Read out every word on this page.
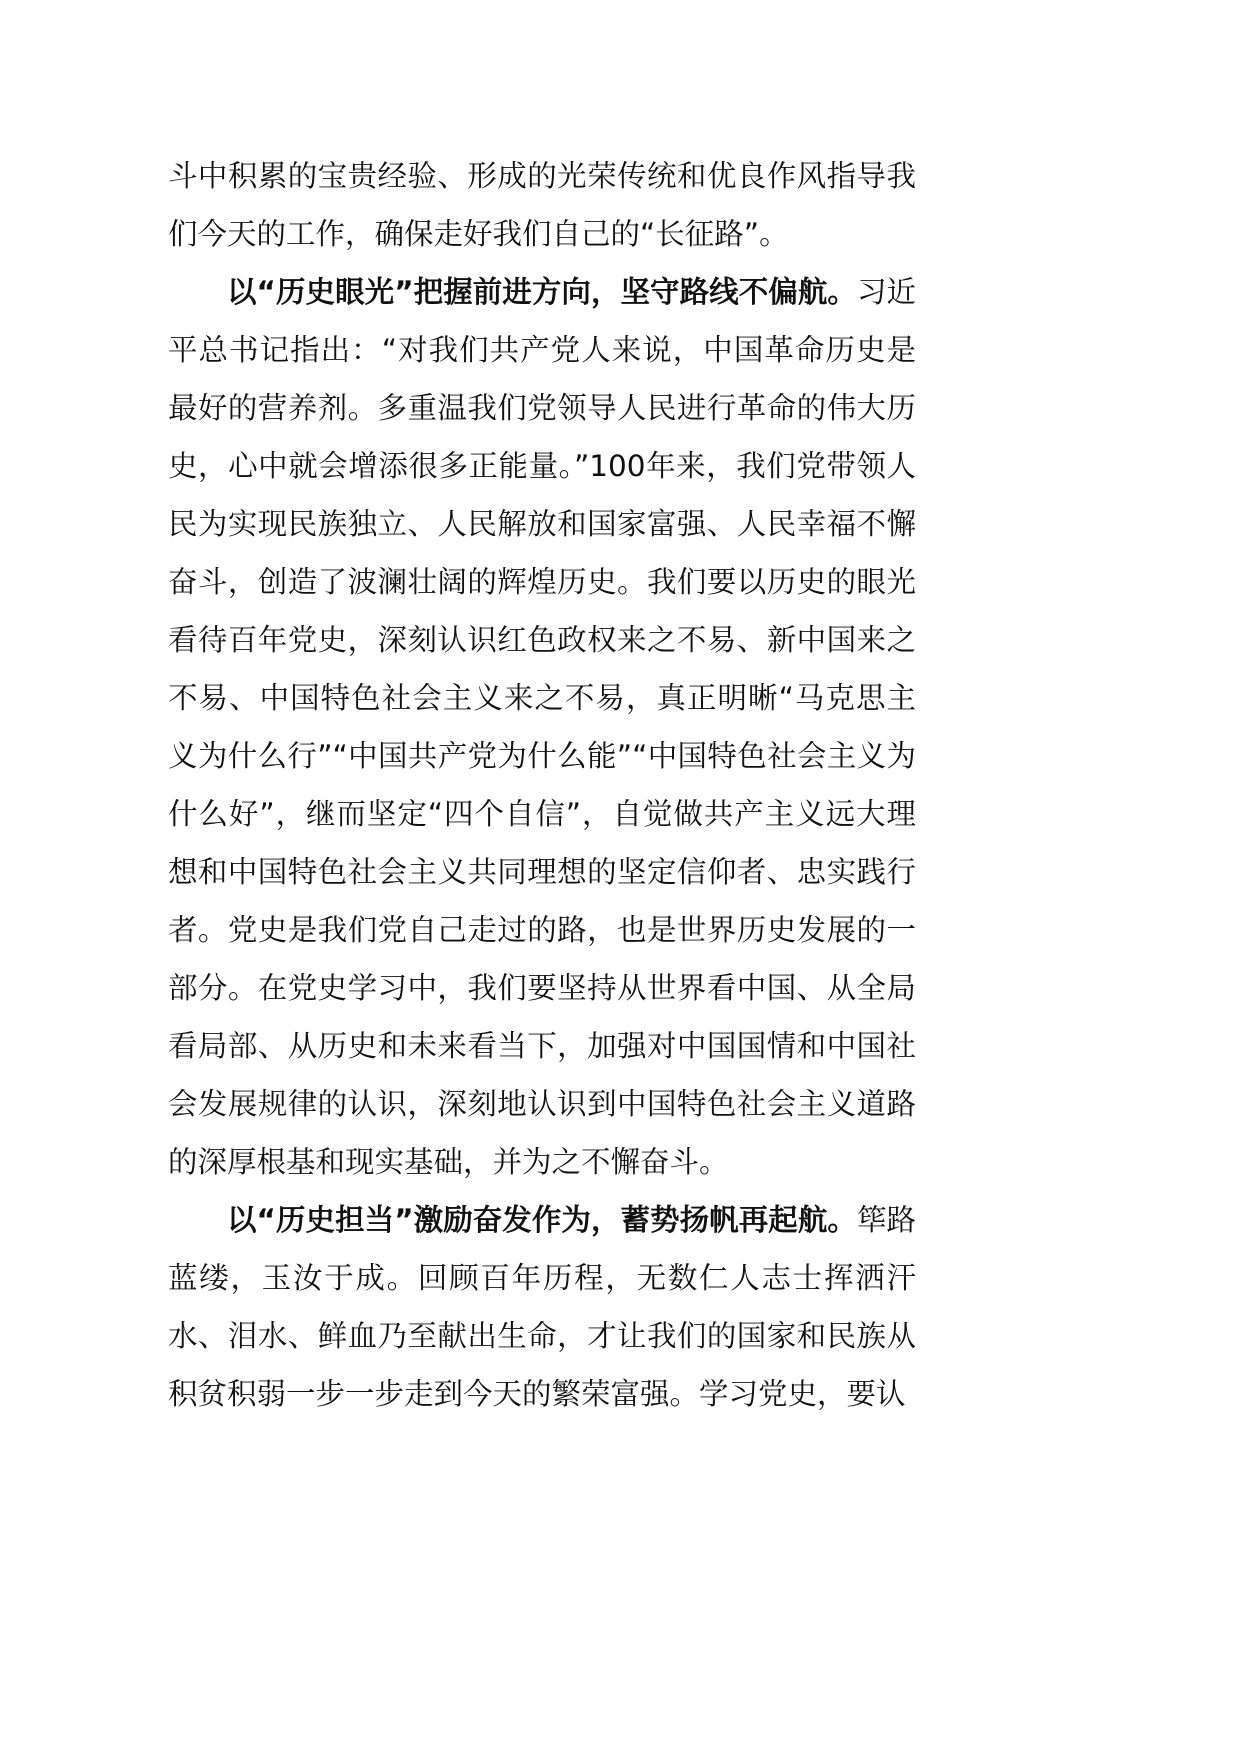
斗中积累的宝贵经验、形成的光荣传统和优良作风指导我们今天的工作，确保走好我们自己的“长征路”。

以“历史眼光”把握前进方向，坚守路线不偏航。习近平总书记指出：“对我们共产党人来说，中国革命历史是最好的营养剂。多重温我们党领导人民进行革命的伟大历史，心中就会增添很多正能量。”100年来，我们党带领人民为实现民族独立、人民解放和国家富强、人民幸福不懈奋斗，创造了波澜壮阔的辉煌历史。我们要以历史的眼光看待百年党史，深刻认识红色政权来之不易、新中国来之不易、中国特色社会主义来之不易，真正明晰“马克思主义为什么行”“中国共产党为什么能”“中国特色社会主义为什么好”，继而坚定“四个自信”，自觉做共产主义远大理想和中国特色社会主义共同理想的坚定信仰者、忠实践行者。党史是我们党自己走过的路，也是世界历史发展的一部分。在党史学习中，我们要坚持从世界看中国、从全局看局部、从历史和未来看当下，加强对中国国情和中国社会发展规律的认识，深刻地认识到中国特色社会主义道路的深厚根基和现实基础，并为之不懈奋斗。

以“历史担当”激励奋发作为，蓄势扬帆再起航。筚路蓝缕，玉汝于成。回顾百年历程，无数仁人志士挥洒汗水、泪水、鲜血乃至献出生命，才让我们的国家和民族从积贫积弱一步一步走到今天的繁荣富强。学习党史，要认
